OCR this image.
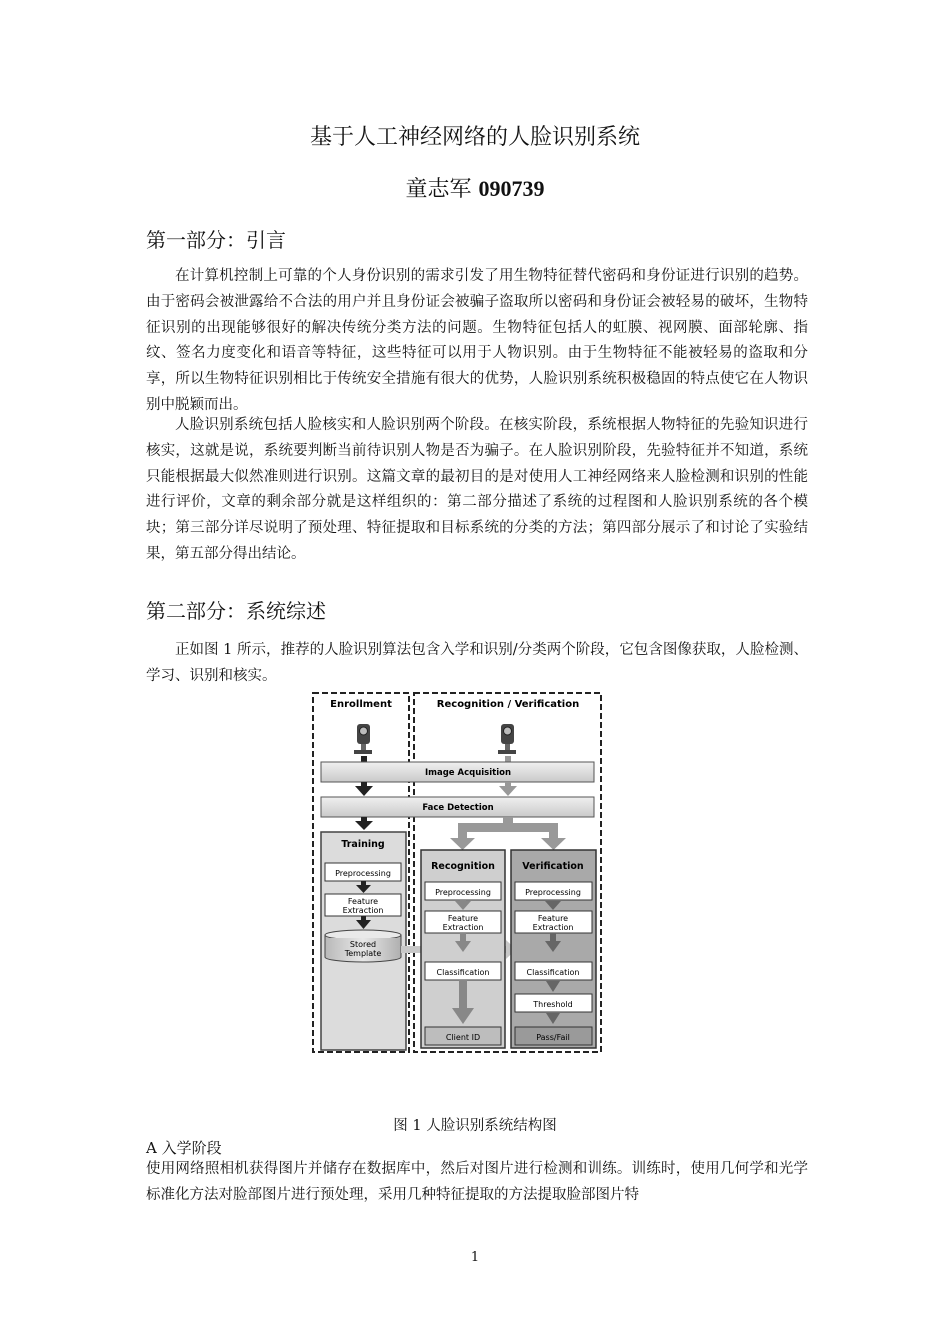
基于人工神经网络的人脸识别系统
童志军 090739
第一部分：引言

在计算机控制上可靠的个人身份识别的需求引发了用生物特征替代密码和身份证进行识别的趋势。由于密码会被泄露给不合法的用户并且身份证会被骗子盗取所以密码和身份证会被轻易的破坏，生物特征识别的出现能够很好的解决传统分类方法的问题。生物特征包括人的虹膜、视网膜、面部轮廓、指纹、签名力度变化和语音等特征，这些特征可以用于人物识别。由于生物特征不能被轻易的盗取和分享，所以生物特征识别相比于传统安全措施有很大的优势，人脸识别系统积极稳固的特点使它在人物识别中脱颖而出。

人脸识别系统包括人脸核实和人脸识别两个阶段。在核实阶段，系统根据人物特征的先验知识进行核实，这就是说，系统要判断当前待识别人物是否为骗子。在人脸识别阶段，先验特征并不知道，系统只能根据最大似然准则进行识别。这篇文章的最初目的是对使用人工神经网络来人脸检测和识别的性能进行评价，文章的剩余部分就是这样组织的：第二部分描述了系统的过程图和人脸识别系统的各个模块；第三部分详尽说明了预处理、特征提取和目标系统的分类的方法；第四部分展示了和讨论了实验结果，第五部分得出结论。

第二部分：系统综述

正如图 1 所示，推荐的人脸识别算法包含入学和识别/分类两个阶段，它包含图像获取，人脸检测、学习、识别和核实。

Enrollment	Recognition / Verification
Image Acquisition
Face Detection
Training
Preprocessing
Feature
Extraction
Stored
Template
Recognition
Preprocessing
Feature
Extraction
Classification
Client ID
Verification
Preprocessing
Feature
Extraction
Classification
Threshold
Pass/Fail
图 1 人脸识别系统结构图
A 入学阶段

使用网络照相机获得图片并储存在数据库中，然后对图片进行检测和训练。训练时，使用几何学和光学标准化方法对脸部图片进行预处理，采用几种特征提取的方法提取脸部图片特

1
